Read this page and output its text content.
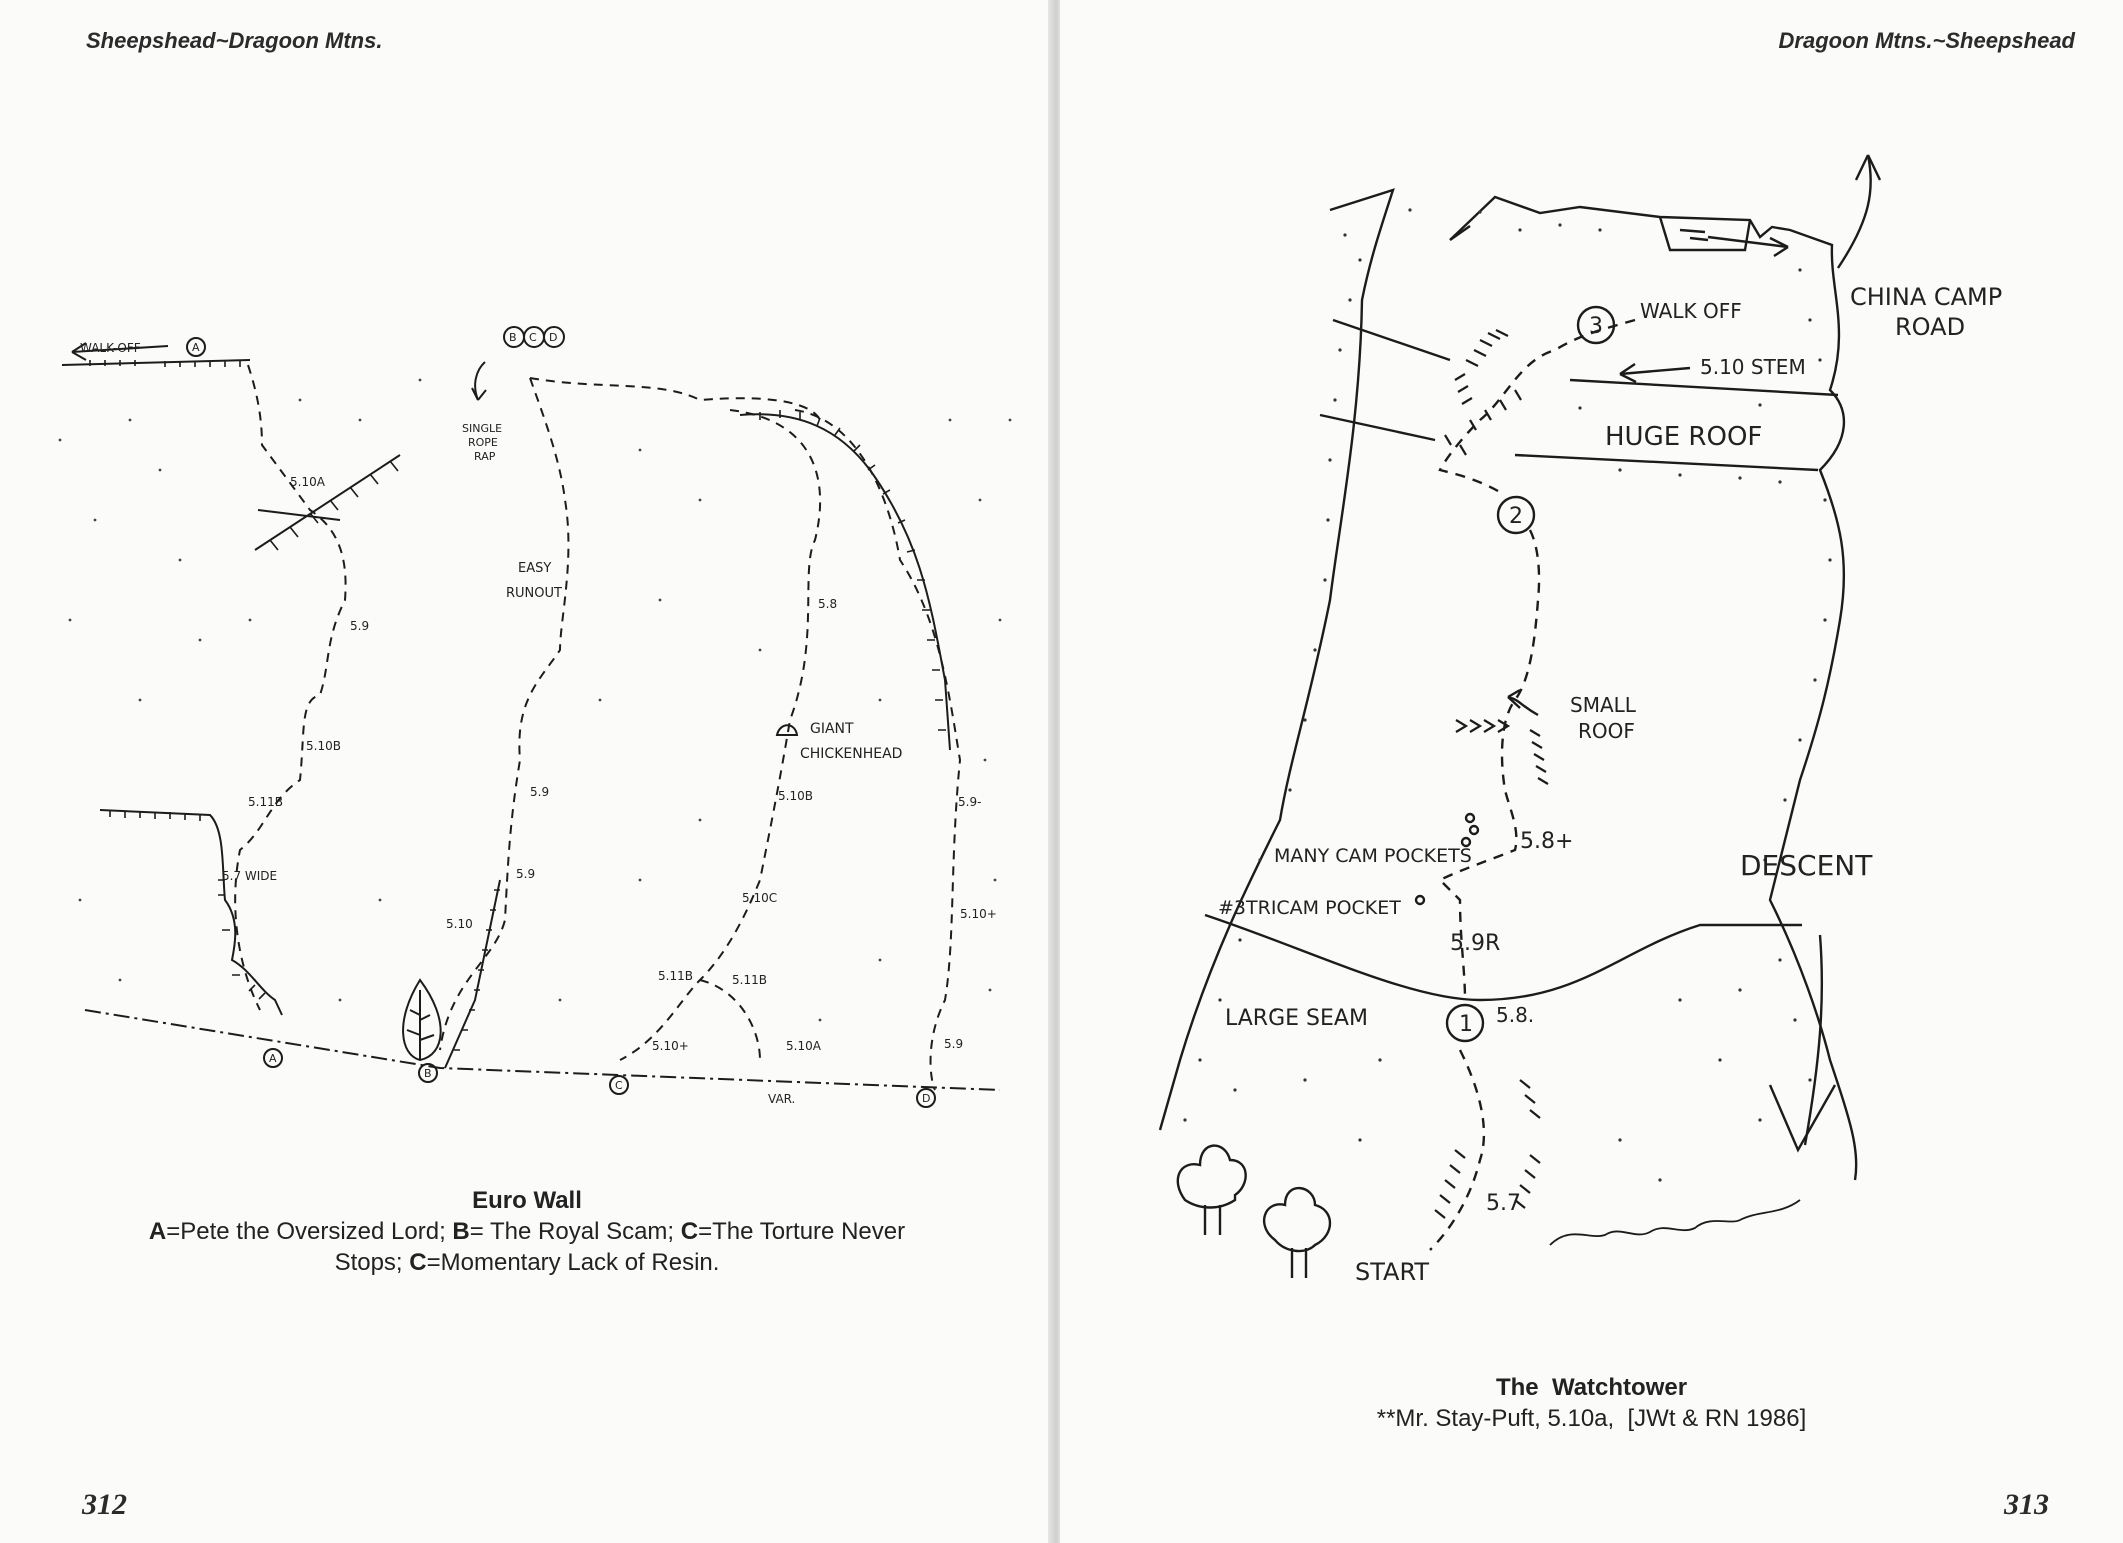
Sheepshead~Dragoon Mtns.
WALK-OFF	A
B C D
SINGLE
ROPE
RAP
EASY
RUNOUT
GIANT
CHICKENHEAD
5.7 WIDE
VAR.
5.10A
5.9
5.10B
5.11B
5.9
5.9
5.10
5.8
5.10B
5.10C
5.11B	5.11B
5.10+	5.10A
5.9-
5.10+
5.9
A
B
C
D
Euro Wall
A=Pete the Oversized Lord; B= The Royal Scam; C=The Torture Never
Stops; C=Momentary Lack of Resin.
312
Dragoon Mtns.~Sheepshead
3
2
1
WALK OFF	CHINA CAMP
ROAD
5.10 STEM
HUGE ROOF
SMALL
ROOF
MANY CAM POCKETS
5.8+
#3TRICAM POCKET
5.9R
LARGE SEAM	5.8.
5.7
START
DESCENT
The  Watchtower
**Mr. Stay-Puft, 5.10a,  [JWt & RN 1986]
313
